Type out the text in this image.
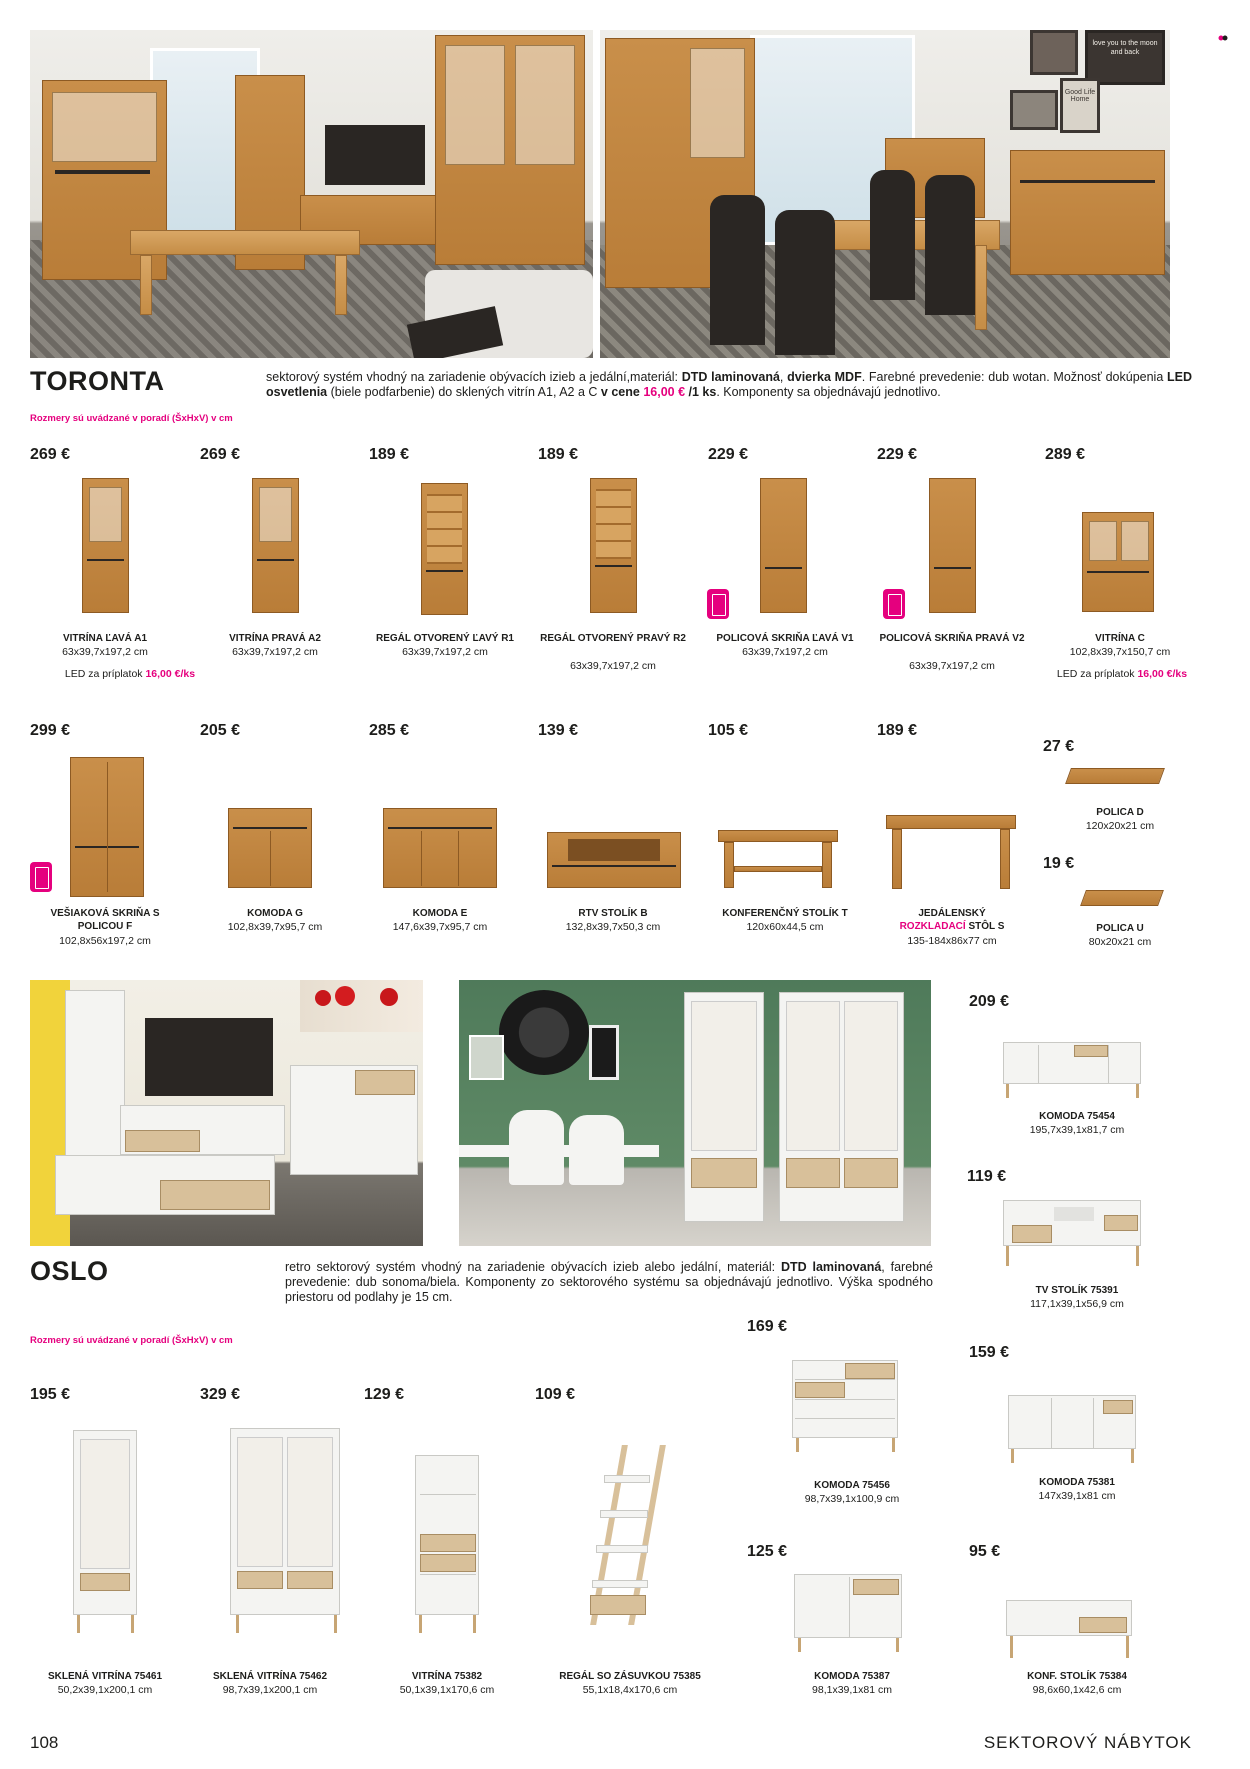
love you to the moon and back
Good Life Home
TORONTA	sektorový systém vhodný na zariadenie obývacích izieb a jedální,materiál: DTD laminovaná, dvierka MDF. Farebné prevedenie: dub wotan. Možnosť dokúpenia LED osvetlenia (biele podfarbenie) do sklených vitrín A1, A2 a C v cene 16,00 € /1 ks. Komponenty sa objednávajú jednotlivo.
Rozmery sú uvádzané v poradí (ŠxHxV) v cm
269 €
VITRÍNA ĽAVÁ A1
63x39,7x197,2 cm
LED za príplatok 16,00 €/ks
269 €
VITRÍNA PRAVÁ A2
63x39,7x197,2 cm
189 €
REGÁL OTVORENÝ ĽAVÝ R1
63x39,7x197,2 cm
189 €
REGÁL OTVORENÝ PRAVÝ R2
63x39,7x197,2 cm
229 €
POLICOVÁ SKRIŇA ĽAVÁ V1
63x39,7x197,2 cm
229 €
POLICOVÁ SKRIŇA PRAVÁ V2
63x39,7x197,2 cm
289 €
VITRÍNA C
102,8x39,7x150,7 cm
LED za príplatok 16,00 €/ks
299 €
VEŠIAKOVÁ SKRIŇA S POLICOU F
102,8x56x197,2 cm
205 €
KOMODA G
102,8x39,7x95,7 cm
285 €
KOMODA E
147,6x39,7x95,7 cm
139 €
RTV STOLÍK B
132,8x39,7x50,3 cm
105 €
KONFERENČNÝ STOLÍK T
120x60x44,5 cm
189 €
JEDÁLENSKÝ
ROZKLADACÍ STÔL S
135-184x86x77 cm
27 €
POLICA D
120x20x21 cm
19 €
POLICA U
80x20x21 cm
OSLO	retro sektorový systém vhodný na zariadenie obývacích izieb alebo jedální, materiál: DTD laminovaná, farebné prevedenie: dub sonoma/biela. Komponenty zo sektorového systému sa objednávajú jednotlivo. Výška spodného priestoru od podlahy je 15 cm.
Rozmery sú uvádzané v poradí (ŠxHxV) v cm
209 €
KOMODA 75454
195,7x39,1x81,7 cm
119 €
TV STOLÍK 75391
117,1x39,1x56,9 cm
169 €
KOMODA 75456
98,7x39,1x100,9 cm
159 €
KOMODA 75381
147x39,1x81 cm
125 €
KOMODA 75387
98,1x39,1x81 cm
95 €
KONF. STOLÍK 75384
98,6x60,1x42,6 cm
195 €
SKLENÁ VITRÍNA 75461
50,2x39,1x200,1 cm
329 €
SKLENÁ VITRÍNA 75462
98,7x39,1x200,1 cm
129 €
VITRÍNA 75382
50,1x39,1x170,6 cm
109 €
REGÁL SO ZÁSUVKOU 75385
55,1x18,4x170,6 cm
108	SEKTOROVÝ NÁBYTOK
